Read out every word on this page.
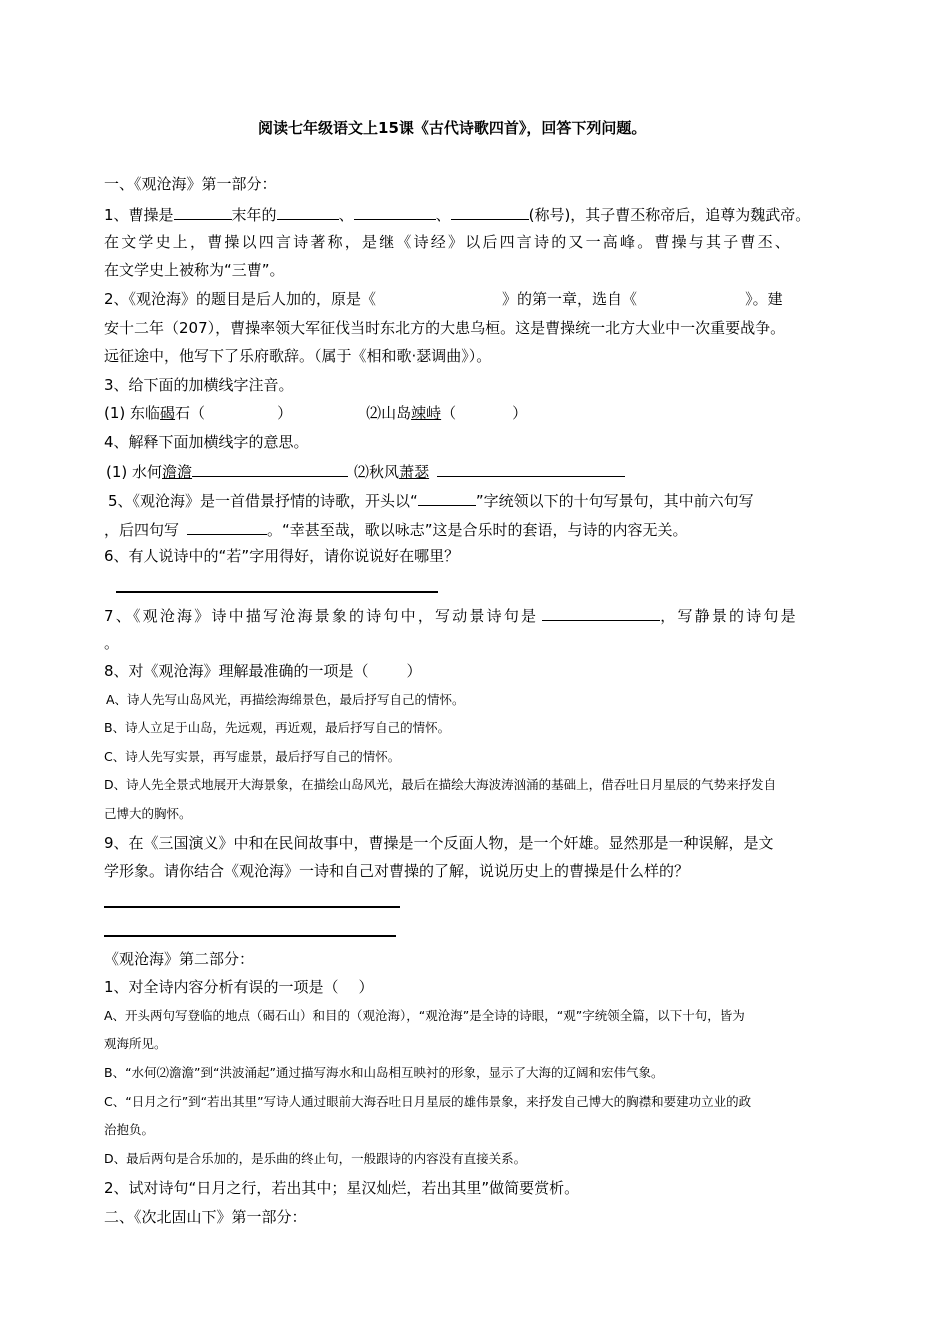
阅读七年级语文上15课《古代诗歌四首》，回答下列问题。
一、《观沧海》第一部分：
1、曹操是	末年的	、	、	(称号)，其子曹丕称帝后，追尊为魏武帝。
在文学史上，曹操以四言诗著称，是继《诗经》以后四言诗的又一高峰。曹操与其子曹丕、
在文学史上被称为“三曹”。
2、《观沧海》的题目是后人加的，原是《	》的第一章，选自《	》。建
安十二年（207），曹操率领大军征伐当时东北方的大患乌桓。这是曹操统一北方大业中一次重要战争。
远征途中，他写下了乐府歌辞。（属于《相和歌·瑟调曲》）。
3、给下面的加横线字注音。
(1) 东临碣石（	）	⑵山岛竦峙（	）
4、解释下面加横线字的意思。
(1) 水何澹澹	⑵秋风萧瑟
5、《观沧海》是一首借景抒情的诗歌，开头以“	”字统领以下的十句写景句，其中前六句写
，后四句写	。“幸甚至哉，歌以咏志”这是合乐时的套语，与诗的内容无关。
6、有人说诗中的“若”字用得好，请你说说好在哪里？
7、《观沧海》诗中描写沧海景象的诗句中，写动景诗句是	，写静景的诗句是
。
8、对《观沧海》理解最准确的一项是（	）
A、诗人先写山岛风光，再描绘海绵景色，最后抒写自己的情怀。
B、诗人立足于山岛，先远观，再近观，最后抒写自己的情怀。
C、诗人先写实景，再写虚景，最后抒写自己的情怀。
D、诗人先全景式地展开大海景象，在描绘山岛风光，最后在描绘大海波涛汹涌的基础上，借吞吐日月星辰的气势来抒发自
己博大的胸怀。
9、在《三国演义》中和在民间故事中，曹操是一个反面人物，是一个奸雄。显然那是一种误解，是文
学形象。请你结合《观沧海》一诗和自己对曹操的了解，说说历史上的曹操是什么样的？
《观沧海》第二部分：
1、对全诗内容分析有误的一项是（ ）
A、开头两句写登临的地点（碣石山）和目的（观沧海），“观沧海”是全诗的诗眼，“观”字统领全篇，以下十句，皆为
观海所见。
B、“水何⑵澹澹”到“洪波涌起”通过描写海水和山岛相互映衬的形象，显示了大海的辽阔和宏伟气象。
C、“日月之行”到“若出其里”写诗人通过眼前大海吞吐日月星辰的雄伟景象，来抒发自己博大的胸襟和要建功立业的政
治抱负。
D、最后两句是合乐加的，是乐曲的终止句，一般跟诗的内容没有直接关系。
2、试对诗句“日月之行，若出其中；星汉灿烂，若出其里”做简要赏析。
二、《次北固山下》第一部分：
